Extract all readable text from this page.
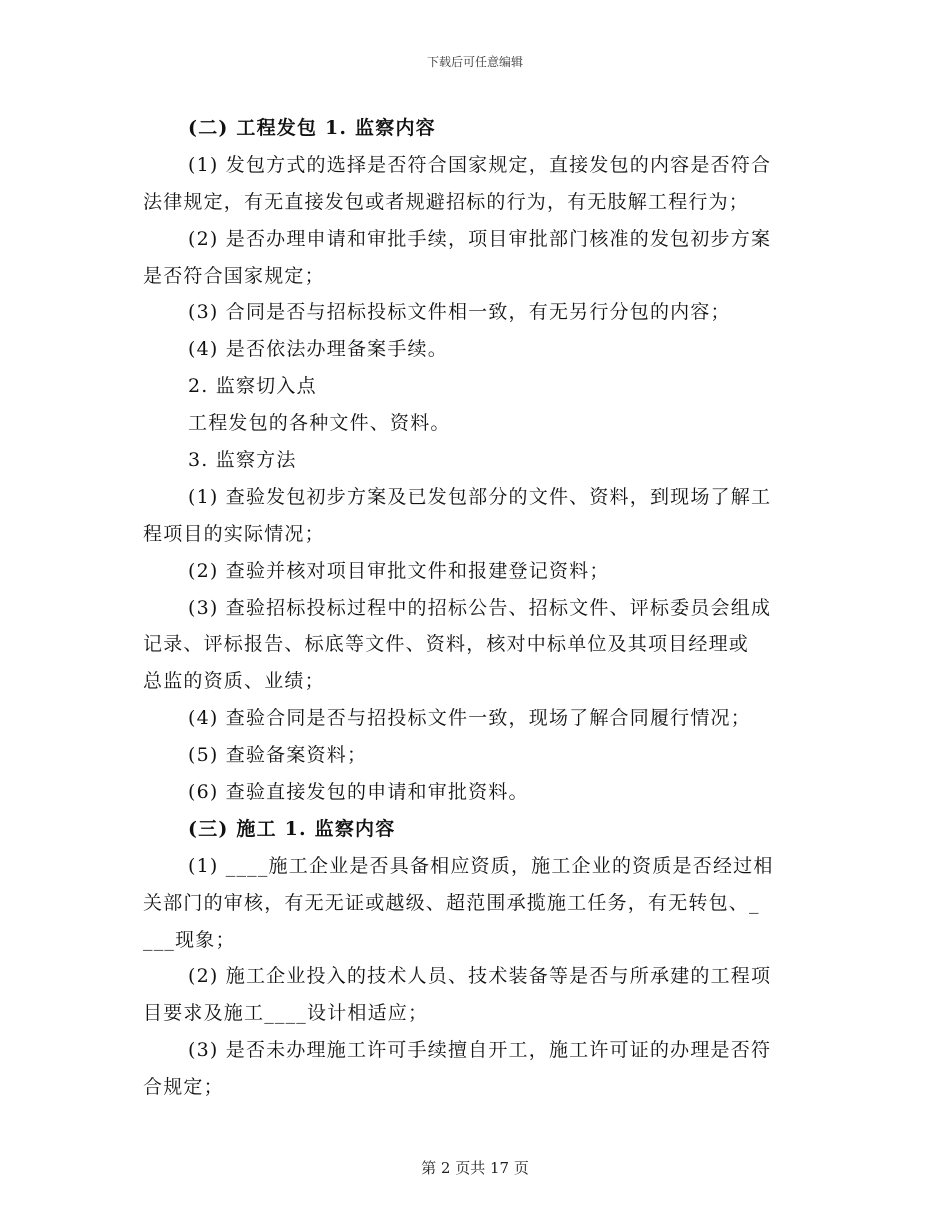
下载后可任意编辑
(二) 工程发包 1. 监察内容
(1) 发包方式的选择是否符合国家规定，直接发包的内容是否符合
法律规定，有无直接发包或者规避招标的行为，有无肢解工程行为；
(2) 是否办理申请和审批手续，项目审批部门核准的发包初步方案
是否符合国家规定；
(3) 合同是否与招标投标文件相一致，有无另行分包的内容；
(4) 是否依法办理备案手续。
2. 监察切入点
工程发包的各种文件、资料。
3. 监察方法
(1) 查验发包初步方案及已发包部分的文件、资料，到现场了解工
程项目的实际情况；
(2) 查验并核对项目审批文件和报建登记资料；
(3) 查验招标投标过程中的招标公告、招标文件、评标委员会组成
记录、评标报告、标底等文件、资料，核对中标单位及其项目经理或
总监的资质、业绩；
(4) 查验合同是否与招投标文件一致，现场了解合同履行情况；
(5) 查验备案资料；
(6) 查验直接发包的申请和审批资料。
(三) 施工 1. 监察内容
(1) ____施工企业是否具备相应资质，施工企业的资质是否经过相
关部门的审核，有无无证或越级、超范围承揽施工任务，有无转包、_
___现象；
(2) 施工企业投入的技术人员、技术装备等是否与所承建的工程项
目要求及施工____设计相适应；
(3) 是否未办理施工许可手续擅自开工，施工许可证的办理是否符
合规定；
第 2 页共 17 页
